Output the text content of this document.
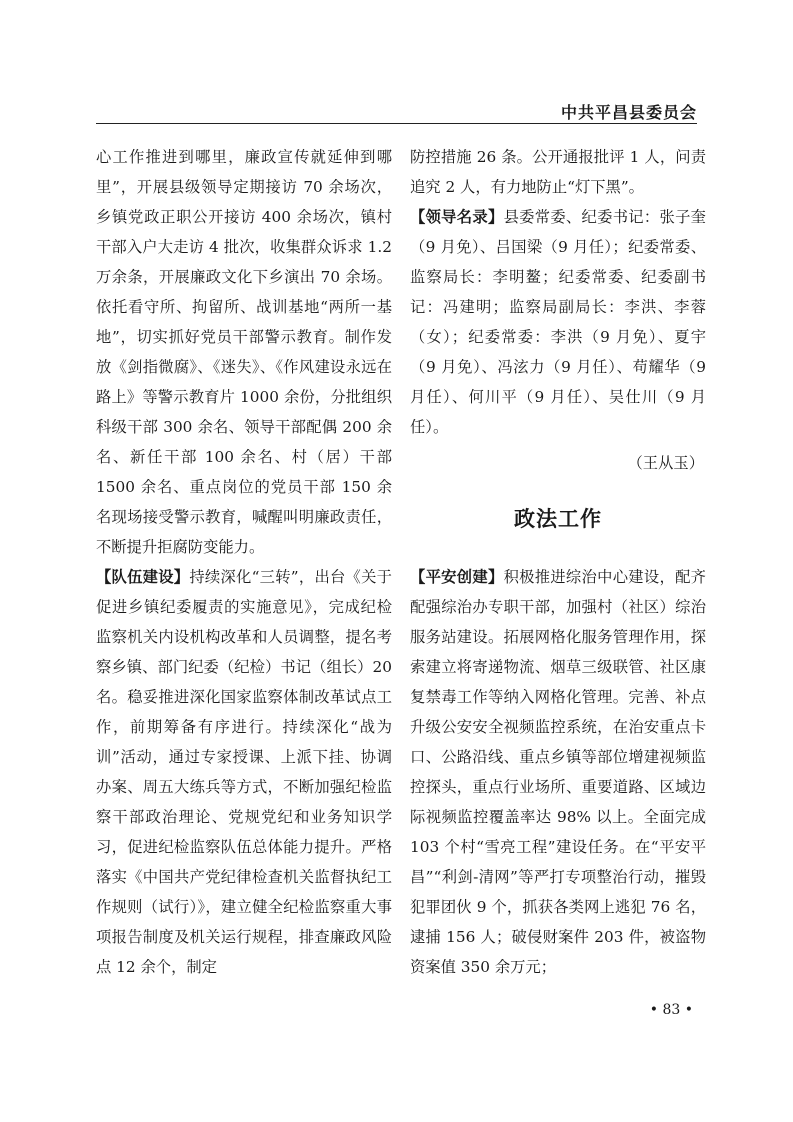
中共平昌县委员会

心工作推进到哪里，廉政宣传就延伸到哪里”，开展县级领导定期接访 70 余场次，乡镇党政正职公开接访 400 余场次，镇村干部入户大走访 4 批次，收集群众诉求 1.2 万余条，开展廉政文化下乡演出 70 余场。依托看守所、拘留所、战训基地“两所一基地”，切实抓好党员干部警示教育。制作发放《剑指微腐》、《迷失》、《作风建设永远在路上》等警示教育片 1000 余份，分批组织科级干部 300 余名、领导干部配偶 200 余名、新任干部 100 余名、村（居）干部 1500 余名、重点岗位的党员干部 150 余名现场接受警示教育，喊醒叫明廉政责任，不断提升拒腐防变能力。

【队伍建设】持续深化“三转”，出台《关于促进乡镇纪委履责的实施意见》，完成纪检监察机关内设机构改革和人员调整，提名考察乡镇、部门纪委（纪检）书记（组长）20 名。稳妥推进深化国家监察体制改革试点工作，前期筹备有序进行。持续深化“战为训”活动，通过专家授课、上派下挂、协调办案、周五大练兵等方式，不断加强纪检监察干部政治理论、党规党纪和业务知识学习，促进纪检监察队伍总体能力提升。严格落实《中国共产党纪律检查机关监督执纪工作规则（试行）》，建立健全纪检监察重大事项报告制度及机关运行规程，排查廉政风险点 12 余个，制定

防控措施 26 条。公开通报批评 1 人，问责追究 2 人，有力地防止“灯下黑”。

【领导名录】县委常委、纪委书记：张子奎（9 月免）、吕国梁（9 月任）；纪委常委、监察局长：李明鳌；纪委常委、纪委副书记：冯建明；监察局副局长：李洪、李蓉（女）；纪委常委：李洪（9 月免）、夏宇（9 月免）、冯泫力（9 月任）、苟耀华（9 月任）、何川平（9 月任）、吴仕川（9 月任）。

（王从玉）
政法工作

【平安创建】积极推进综治中心建设，配齐配强综治办专职干部，加强村（社区）综治服务站建设。拓展网格化服务管理作用，探索建立将寄递物流、烟草三级联管、社区康复禁毒工作等纳入网格化管理。完善、补点升级公安安全视频监控系统，在治安重点卡口、公路沿线、重点乡镇等部位增建视频监控探头，重点行业场所、重要道路、区域边际视频监控覆盖率达 98% 以上。全面完成 103 个村“雪亮工程”建设任务。在“平安平昌”“利剑-清网”等严打专项整治行动，摧毁犯罪团伙 9 个，抓获各类网上逃犯 76 名，逮捕 156 人；破侵财案件 203 件，被盗物资案值 350 余万元；

• 83 •
